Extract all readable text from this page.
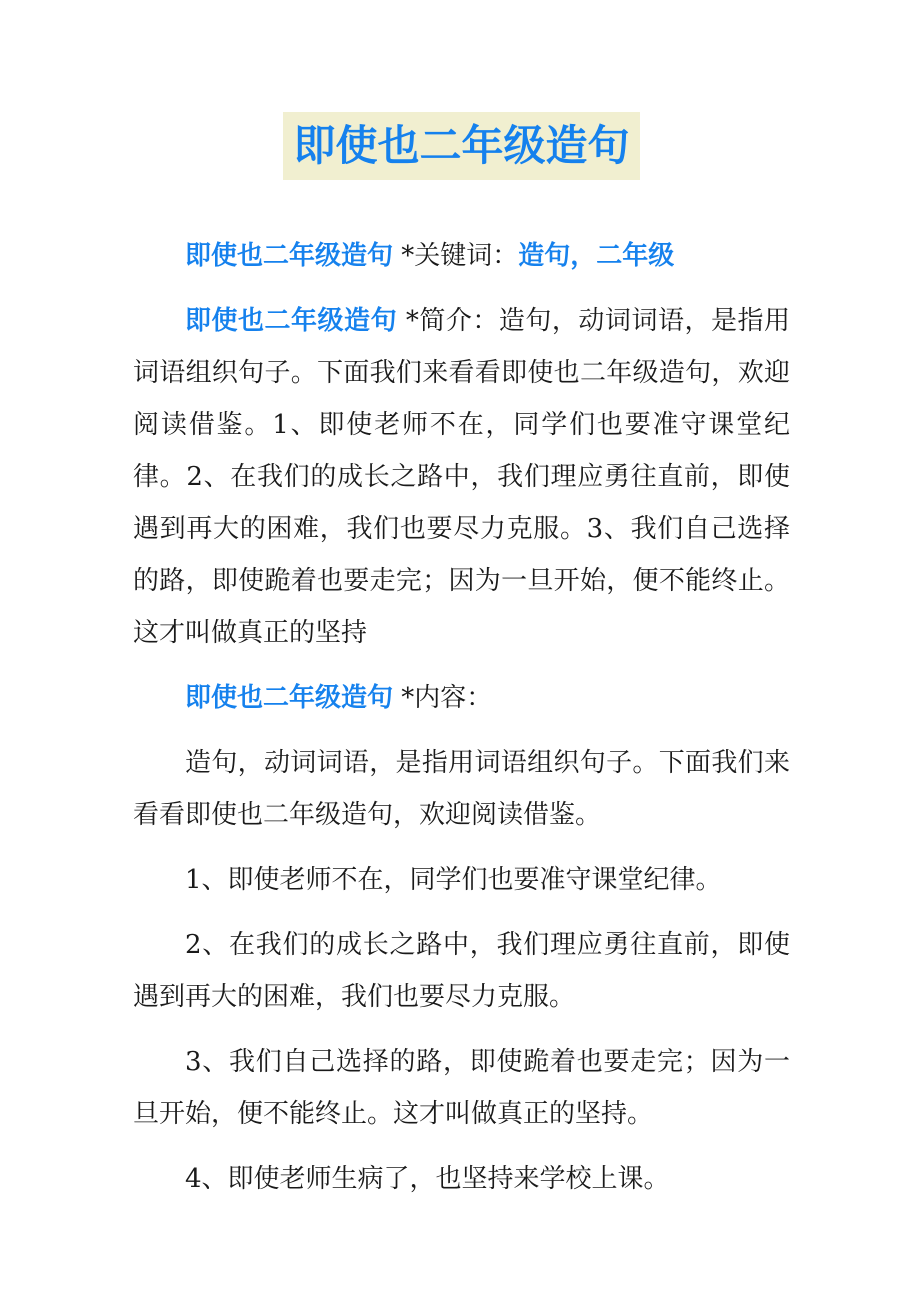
即使也二年级造句

即使也二年级造句 *关键词：造句，二年级

即使也二年级造句 *简介：造句，动词词语，是指用词语组织句子。下面我们来看看即使也二年级造句，欢迎阅读借鉴。1、即使老师不在，同学们也要准守课堂纪律。2、在我们的成长之路中，我们理应勇往直前，即使遇到再大的困难，我们也要尽力克服。3、我们自己选择的路，即使跪着也要走完；因为一旦开始，便不能终止。这才叫做真正的坚持

即使也二年级造句 *内容：

造句，动词词语，是指用词语组织句子。下面我们来看看即使也二年级造句，欢迎阅读借鉴。

1、即使老师不在，同学们也要准守课堂纪律。

2、在我们的成长之路中，我们理应勇往直前，即使遇到再大的困难，我们也要尽力克服。

3、我们自己选择的路，即使跪着也要走完；因为一旦开始，便不能终止。这才叫做真正的坚持。

4、即使老师生病了，也坚持来学校上课。
